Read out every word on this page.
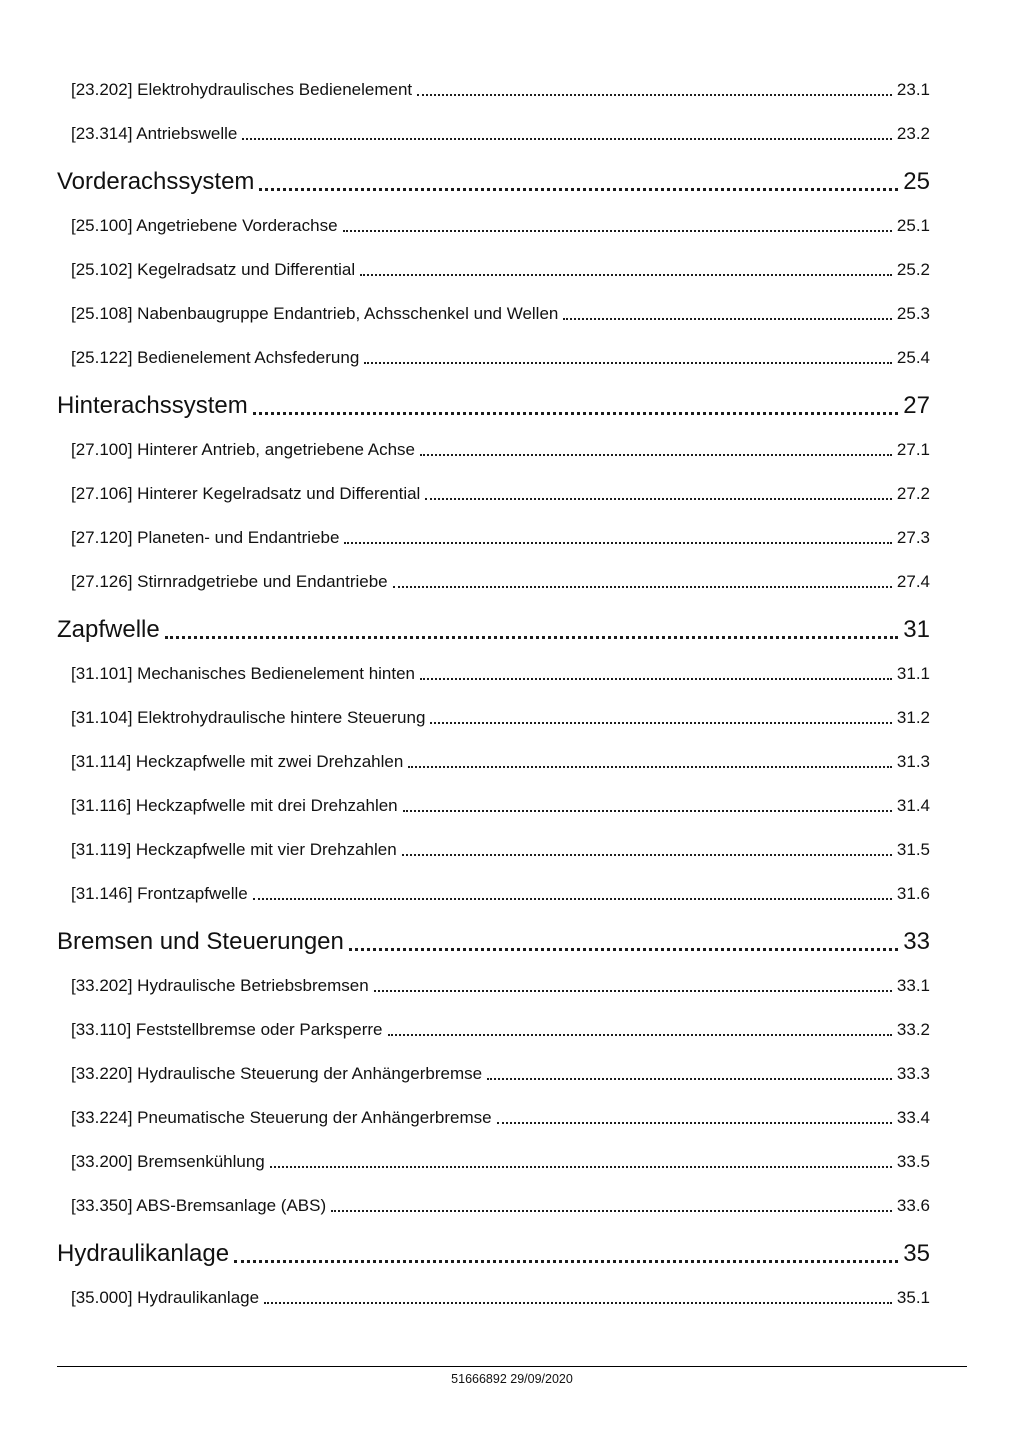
[23.202] Elektrohydraulisches Bedienelement	23.1
[23.314] Antriebswelle	23.2
Vorderachssystem	25
[25.100] Angetriebene Vorderachse	25.1
[25.102] Kegelradsatz und Differential	25.2
[25.108] Nabenbaugruppe Endantrieb, Achsschenkel und Wellen	25.3
[25.122] Bedienelement Achsfederung	25.4
Hinterachssystem	27
[27.100] Hinterer Antrieb, angetriebene Achse	27.1
[27.106] Hinterer Kegelradsatz und Differential	27.2
[27.120] Planeten- und Endantriebe	27.3
[27.126] Stirnradgetriebe und Endantriebe	27.4
Zapfwelle	31
[31.101] Mechanisches Bedienelement hinten	31.1
[31.104] Elektrohydraulische hintere Steuerung	31.2
[31.114] Heckzapfwelle mit zwei Drehzahlen	31.3
[31.116] Heckzapfwelle mit drei Drehzahlen	31.4
[31.119] Heckzapfwelle mit vier Drehzahlen	31.5
[31.146] Frontzapfwelle	31.6
Bremsen und Steuerungen	33
[33.202] Hydraulische Betriebsbremsen	33.1
[33.110] Feststellbremse oder Parksperre	33.2
[33.220] Hydraulische Steuerung der Anhängerbremse	33.3
[33.224] Pneumatische Steuerung der Anhängerbremse	33.4
[33.200] Bremsenkühlung	33.5
[33.350] ABS-Bremsanlage (ABS)	33.6
Hydraulikanlage	35
[35.000] Hydraulikanlage	35.1
51666892 29/09/2020
